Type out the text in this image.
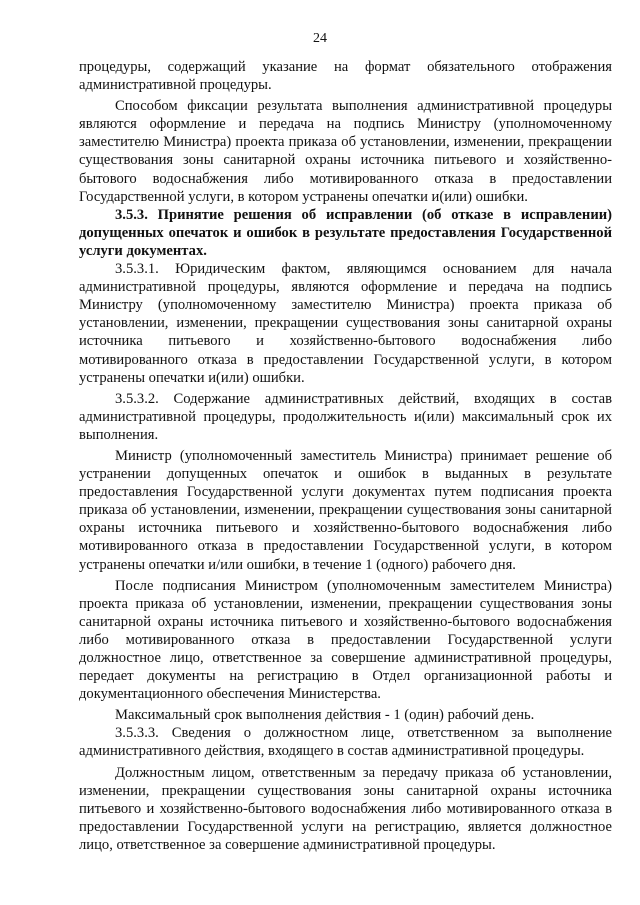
24

процедуры, содержащий указание на формат обязательного отображения административной процедуры.

Способом фиксации результата выполнения административной процедуры являются оформление и передача на подпись Министру (уполномоченному заместителю Министра) проекта приказа об установлении, изменении, прекращении существования зоны санитарной охраны источника питьевого и хозяйственно-бытового водоснабжения либо мотивированного отказа в предоставлении Государственной услуги, в котором устранены опечатки и(или) ошибки.

3.5.3. Принятие решения об исправлении (об отказе в исправлении) допущенных опечаток и ошибок в результате предоставления Государственной услуги документах.

3.5.3.1. Юридическим фактом, являющимся основанием для начала административной процедуры, являются оформление и передача на подпись Министру (уполномоченному заместителю Министра) проекта приказа об установлении, изменении, прекращении существования зоны санитарной охраны источника питьевого и хозяйственно-бытового водоснабжения либо мотивированного отказа в предоставлении Государственной услуги, в котором устранены опечатки и(или) ошибки.

3.5.3.2. Содержание административных действий, входящих в состав административной процедуры, продолжительность и(или) максимальный срок их выполнения.

Министр (уполномоченный заместитель Министра) принимает решение об устранении допущенных опечаток и ошибок в выданных в результате предоставления Государственной услуги документах путем подписания проекта приказа об установлении, изменении, прекращении существования зоны санитарной охраны источника питьевого и хозяйственно-бытового водоснабжения либо мотивированного отказа в предоставлении Государственной услуги, в котором устранены опечатки и/или ошибки, в течение 1 (одного) рабочего дня.

После подписания Министром (уполномоченным заместителем Министра) проекта приказа об установлении, изменении, прекращении существования зоны санитарной охраны источника питьевого и хозяйственно-бытового водоснабжения либо мотивированного отказа в предоставлении Государственной услуги должностное лицо, ответственное за совершение административной процедуры, передает документы на регистрацию в Отдел организационной работы и документационного обеспечения Министерства.

Максимальный срок выполнения действия - 1 (один) рабочий день.

3.5.3.3. Сведения о должностном лице, ответственном за выполнение административного действия, входящего в состав административной процедуры.

Должностным лицом, ответственным за передачу приказа об установлении, изменении, прекращении существования зоны санитарной охраны источника питьевого и хозяйственно-бытового водоснабжения либо мотивированного отказа в предоставлении Государственной услуги на регистрацию, является должностное лицо, ответственное за совершение административной процедуры.
